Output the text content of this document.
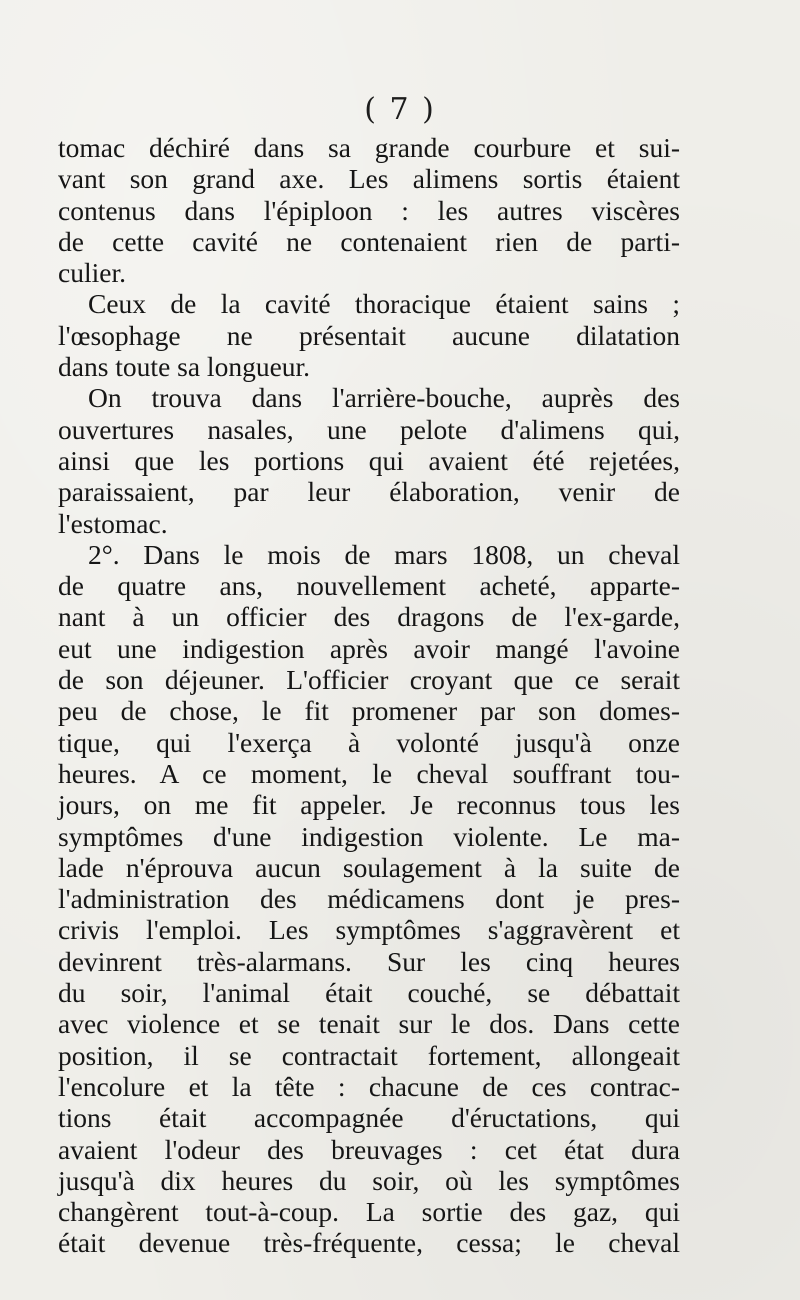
( 7 )
tomac déchiré dans sa grande courbure et sui-
vant son grand axe. Les alimens sortis étaient
contenus dans l'épiploon : les autres viscères
de cette cavité ne contenaient rien de parti-
culier.
Ceux de la cavité thoracique étaient sains ;
l'œsophage ne présentait aucune dilatation
dans toute sa longueur.
On trouva dans l'arrière-bouche, auprès des
ouvertures nasales, une pelote d'alimens qui,
ainsi que les portions qui avaient été rejetées,
paraissaient, par leur élaboration, venir de
l'estomac.
2°. Dans le mois de mars 1808, un cheval
de quatre ans, nouvellement acheté, apparte-
nant à un officier des dragons de l'ex-garde,
eut une indigestion après avoir mangé l'avoine
de son déjeuner. L'officier croyant que ce serait
peu de chose, le fit promener par son domes-
tique, qui l'exerça à volonté jusqu'à onze
heures. A ce moment, le cheval souffrant tou-
jours, on me fit appeler. Je reconnus tous les
symptômes d'une indigestion violente. Le ma-
lade n'éprouva aucun soulagement à la suite de
l'administration des médicamens dont je pres-
crivis l'emploi. Les symptômes s'aggravèrent et
devinrent très-alarmans. Sur les cinq heures
du soir, l'animal était couché, se débattait
avec violence et se tenait sur le dos. Dans cette
position, il se contractait fortement, allongeait
l'encolure et la tête : chacune de ces contrac-
tions était accompagnée d'éructations, qui
avaient l'odeur des breuvages : cet état dura
jusqu'à dix heures du soir, où les symptômes
changèrent tout-à-coup. La sortie des gaz, qui
était devenue très-fréquente, cessa; le cheval
